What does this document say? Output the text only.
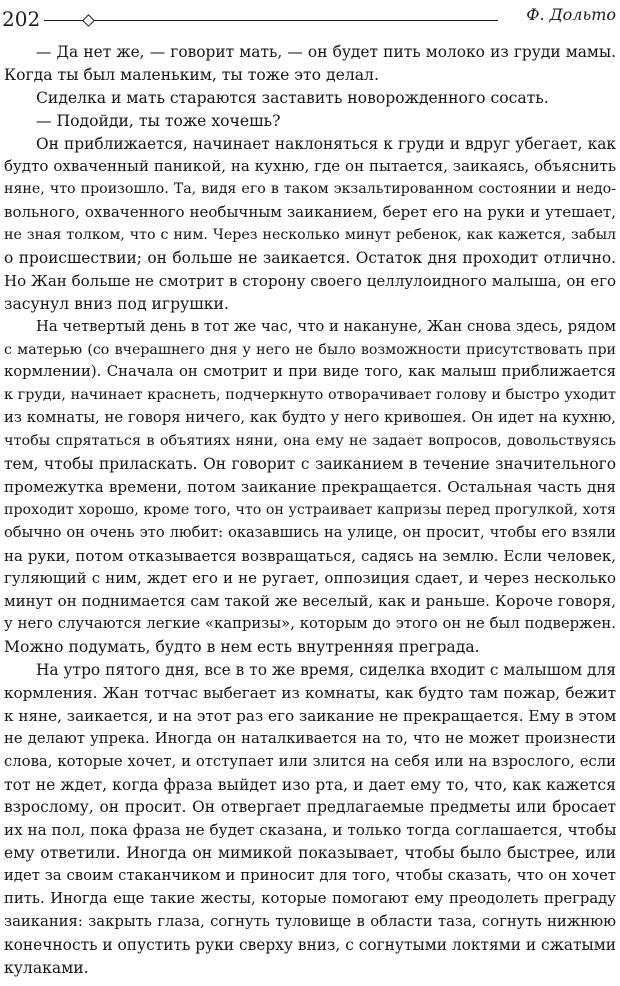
202	Ф. Дольто
— Да нет же, — говорит мать, — он будет пить молоко из груди мамы.
Когда ты был маленьким, ты тоже это делал.
Сиделка и мать стараются заставить новорожденного сосать.
— Подойди, ты тоже хочешь?
Он приближается, начинает наклоняться к груди и вдруг убегает, как
будто охваченный паникой, на кухню, где он пытается, заикаясь, объяснить
няне, что произошло. Та, видя его в таком экзальтированном состоянии и недо-
вольного, охваченного необычным заиканием, берет его на руки и утешает,
не зная толком, что с ним. Через несколько минут ребенок, как кажется, забыл
о происшествии; он больше не заикается. Остаток дня проходит отлично.
Но Жан больше не смотрит в сторону своего целлулоидного малыша, он его
засунул вниз под игрушки.
На четвертый день в тот же час, что и накануне, Жан снова здесь, рядом
с матерью (со вчерашнего дня у него не было возможности присутствовать при
кормлении). Сначала он смотрит и при виде того, как малыш приближается
к груди, начинает краснеть, подчеркнуто отворачивает голову и быстро уходит
из комнаты, не говоря ничего, как будто у него кривошея. Он идет на кухню,
чтобы спрятаться в объятиях няни, она ему не задает вопросов, довольствуясь
тем, чтобы приласкать. Он говорит с заиканием в течение значительного
промежутка времени, потом заикание прекращается. Остальная часть дня
проходит хорошо, кроме того, что он устраивает капризы перед прогулкой, хотя
обычно он очень это любит: оказавшись на улице, он просит, чтобы его взяли
на руки, потом отказывается возвращаться, садясь на землю. Если человек,
гуляющий с ним, ждет его и не ругает, оппозиция сдает, и через несколько
минут он поднимается сам такой же веселый, как и раньше. Короче говоря,
у него случаются легкие «капризы», которым до этого он не был подвержен.
Можно подумать, будто в нем есть внутренняя преграда.
На утро пятого дня, все в то же время, сиделка входит с малышом для
кормления. Жан тотчас выбегает из комнаты, как будто там пожар, бежит
к няне, заикается, и на этот раз его заикание не прекращается. Ему в этом
не делают упрека. Иногда он наталкивается на то, что не может произнести
слова, которые хочет, и отступает или злится на себя или на взрослого, если
тот не ждет, когда фраза выйдет изо рта, и дает ему то, что, как кажется
взрослому, он просит. Он отвергает предлагаемые предметы или бросает
их на пол, пока фраза не будет сказана, и только тогда соглашается, чтобы
ему ответили. Иногда он мимикой показывает, чтобы было быстрее, или
идет за своим стаканчиком и приносит для того, чтобы сказать, что он хочет
пить. Иногда еще такие жесты, которые помогают ему преодолеть преграду
заикания: закрыть глаза, согнуть туловище в области таза, согнуть нижнюю
конечность и опустить руки сверху вниз, с согнутыми локтями и сжатыми
кулаками.
